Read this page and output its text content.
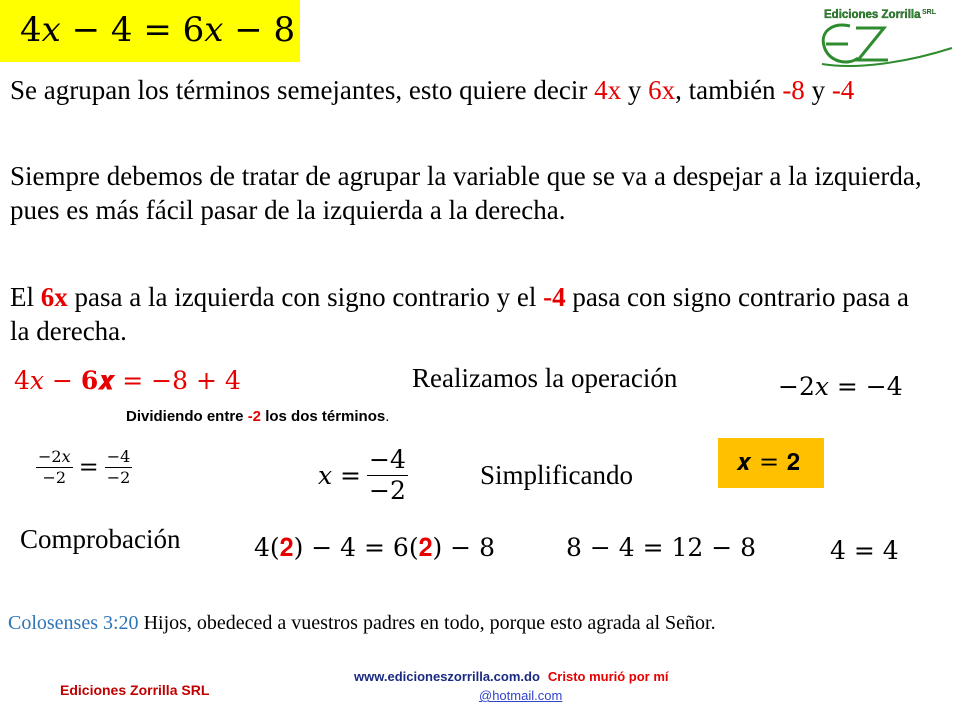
4𝑥 − 4 = 6𝑥 − 8	Ediciones Zorrilla SRL
Se agrupan los términos semejantes, esto quiere decir 4x y 6x, también -8 y -4
Siempre debemos de tratar de agrupar la variable que se va a despejar a la izquierda, pues es más fácil pasar de la izquierda a la derecha.
El 6x pasa a la izquierda con signo contrario y el -4 pasa con signo contrario pasa a la derecha.
4𝑥 − 6𝒙 = −8 + 4	Realizamos la operación	−2𝑥 = −4
Dividiendo entre -2 los dos términos.
$\frac{\text{−2𝑥}}{-2} = \frac{-4}{-2}$	𝑥 = $\frac{-4}{-2}$	Simplificando	𝒙 = 𝟐
Comprobación	4(𝟐) − 4 = 6(𝟐) − 8	8 − 4 = 12 − 8	4 = 4
Colosenses 3:20 Hijos, obedeced a vuestros padres en todo, porque esto agrada al Señor.
Ediciones Zorrilla SRL
www.edicioneszorrilla.com.do Cristo murió por mí
@hotmail.com
